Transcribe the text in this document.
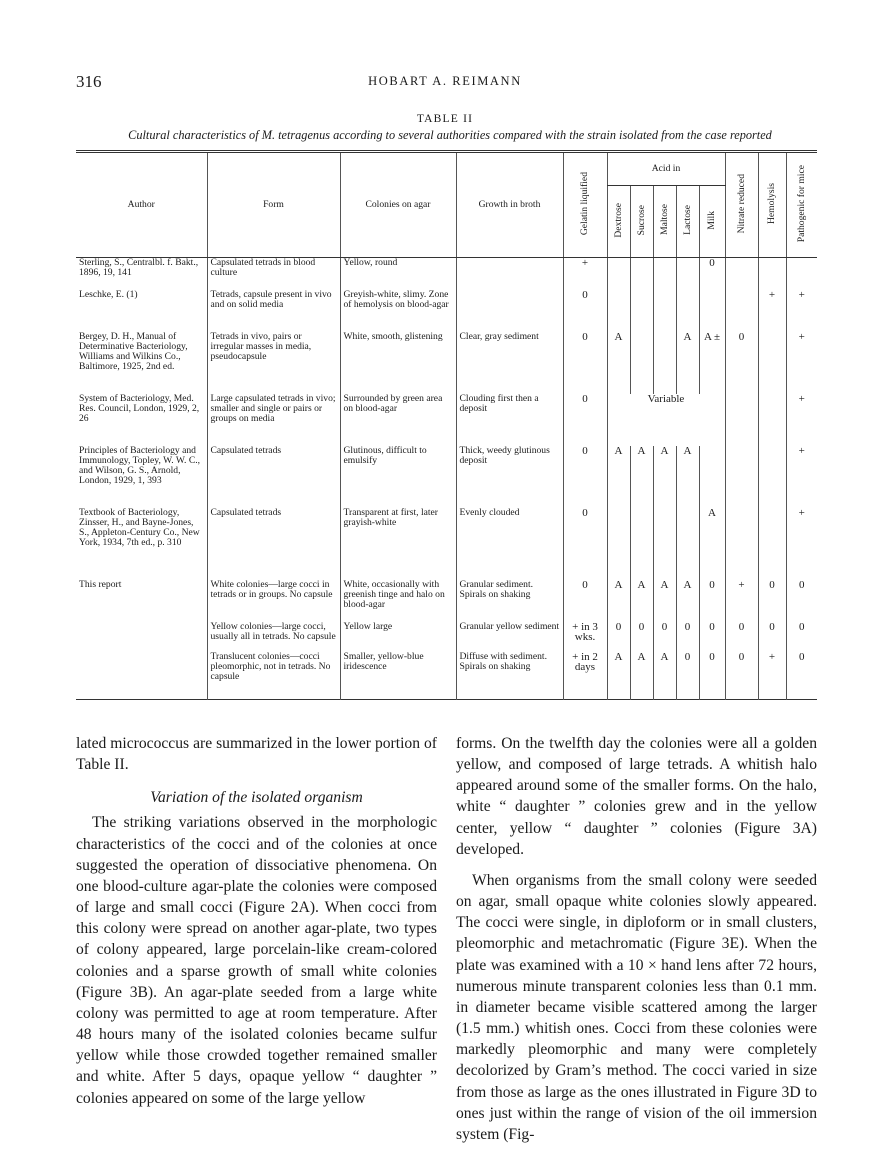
316	HOBART A. REIMANN
TABLE II
Cultural characteristics of M. tetragenus according to several authorities compared with the strain isolated from the case reported
Author	Form	Colonies on agar	Growth in broth	Gelatin liquified	Acid in					Nitrate reduced	Hemolysis	Pathogenic for mice
					Dextrose	Sucrose	Maltose	Lactose	Milk			
Sterling, S., Centralbl. f. Bakt., 1896, 19, 141	Capsulated tetrads in blood culture	Yellow, round		+					0			
Leschke, E. (1)	Tetrads, capsule present in vivo and on solid media	Greyish-white, slimy. Zone of hemolysis on blood-agar		0							+	+
Bergey, D. H., Manual of Determinative Bacteriology, Williams and Wilkins Co., Baltimore, 1925, 2nd ed.	Tetrads in vivo, pairs or irregular masses in media, pseudocapsule	White, smooth, glistening	Clear, gray sediment	0	A			A	A ±	0		+
System of Bacteriology, Med. Res. Council, London, 1929, 2, 26	Large capsulated tetrads in vivo; smaller and single or pairs or groups on media	Surrounded by green area on blood-agar	Clouding first then a deposit	0	Variable							+
Principles of Bacteriology and Immunology, Topley, W. W. C., and Wilson, G. S., Arnold, London, 1929, 1, 393	Capsulated tetrads	Glutinous, difficult to emulsify	Thick, weedy glutinous deposit	0	A	A	A	A				+
Textbook of Bacteriology, Zinsser, H., and Bayne-Jones, S., Appleton-Century Co., New York, 1934, 7th ed., p. 310	Capsulated tetrads	Transparent at first, later grayish-white	Evenly clouded	0					A			+
This report	White colonies—large cocci in tetrads or in groups. No capsule	White, occasionally with greenish tinge and halo on blood-agar	Granular sediment. Spirals on shaking	0	A	A	A	A	0	+	0	0
	Yellow colonies—large cocci, usually all in tetrads. No capsule	Yellow large	Granular yellow sediment	+ in 3 wks.	0	0	0	0	0	0	0	0
	Translucent colonies—cocci pleomorphic, not in tetrads. No capsule	Smaller, yellow-blue iridescence	Diffuse with sediment. Spirals on shaking	+ in 2 days	A	A	A	0	0	0	+	0

lated micrococcus are summarized in the lower portion of Table II.

Variation of the isolated organism

The striking variations observed in the morphologic characteristics of the cocci and of the colonies at once suggested the operation of dissociative phenomena. On one blood-culture agar-plate the colonies were composed of large and small cocci (Figure 2A). When cocci from this colony were spread on another agar-plate, two types of colony appeared, large porcelain-like cream-colored colonies and a sparse growth of small white colonies (Figure 3B). An agar-plate seeded from a large white colony was permitted to age at room temperature. After 48 hours many of the isolated colonies became sulfur yellow while those crowded together remained smaller and white. After 5 days, opaque yellow “ daughter ” colonies appeared on some of the large yellow

forms. On the twelfth day the colonies were all a golden yellow, and composed of large tetrads. A whitish halo appeared around some of the smaller forms. On the halo, white “ daughter ” colonies grew and in the yellow center, yellow “ daughter ” colonies (Figure 3A) developed.

When organisms from the small colony were seeded on agar, small opaque white colonies slowly appeared. The cocci were single, in diploform or in small clusters, pleomorphic and metachromatic (Figure 3E). When the plate was examined with a 10 × hand lens after 72 hours, numerous minute transparent colonies less than 0.1 mm. in diameter became visible scattered among the larger (1.5 mm.) whitish ones. Cocci from these colonies were markedly pleomorphic and many were completely decolorized by Gram’s method. The cocci varied in size from those as large as the ones illustrated in Figure 3D to ones just within the range of vision of the oil immersion system (Fig-
